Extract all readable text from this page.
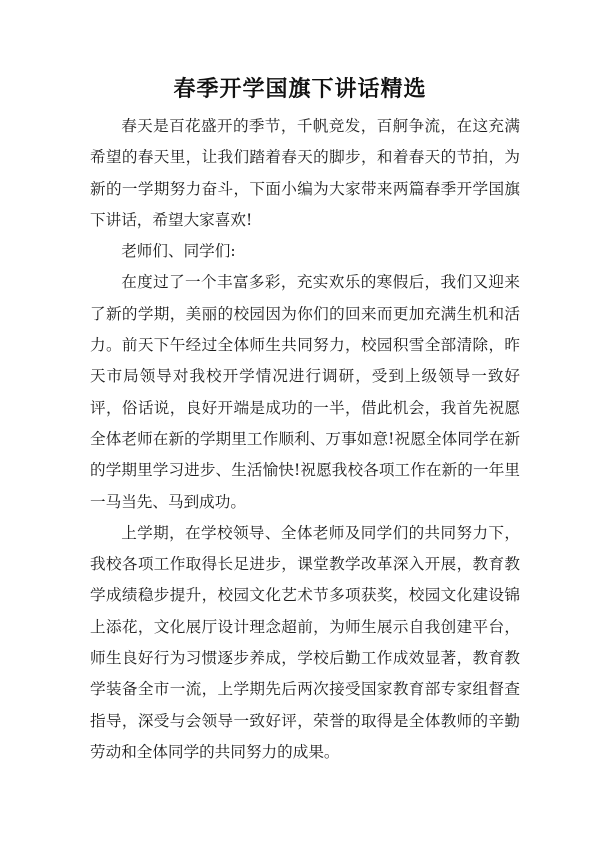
春季开学国旗下讲话精选

春天是百花盛开的季节，千帆竞发，百舸争流，在这充满希望的春天里，让我们踏着春天的脚步，和着春天的节拍，为新的一学期努力奋斗，下面小编为大家带来两篇春季开学国旗下讲话，希望大家喜欢!

老师们、同学们:

在度过了一个丰富多彩，充实欢乐的寒假后，我们又迎来了新的学期，美丽的校园因为你们的回来而更加充满生机和活力。前天下午经过全体师生共同努力，校园积雪全部清除，昨天市局领导对我校开学情况进行调研，受到上级领导一致好评，俗话说，良好开端是成功的一半，借此机会，我首先祝愿全体老师在新的学期里工作顺利、万事如意!祝愿全体同学在新的学期里学习进步、生活愉快!祝愿我校各项工作在新的一年里一马当先、马到成功。

上学期，在学校领导、全体老师及同学们的共同努力下，我校各项工作取得长足进步，课堂教学改革深入开展，教育教学成绩稳步提升，校园文化艺术节多项获奖，校园文化建设锦上添花，文化展厅设计理念超前，为师生展示自我创建平台，师生良好行为习惯逐步养成，学校后勤工作成效显著，教育教学装备全市一流，上学期先后两次接受国家教育部专家组督查指导，深受与会领导一致好评，荣誉的取得是全体教师的辛勤劳动和全体同学的共同努力的成果。
